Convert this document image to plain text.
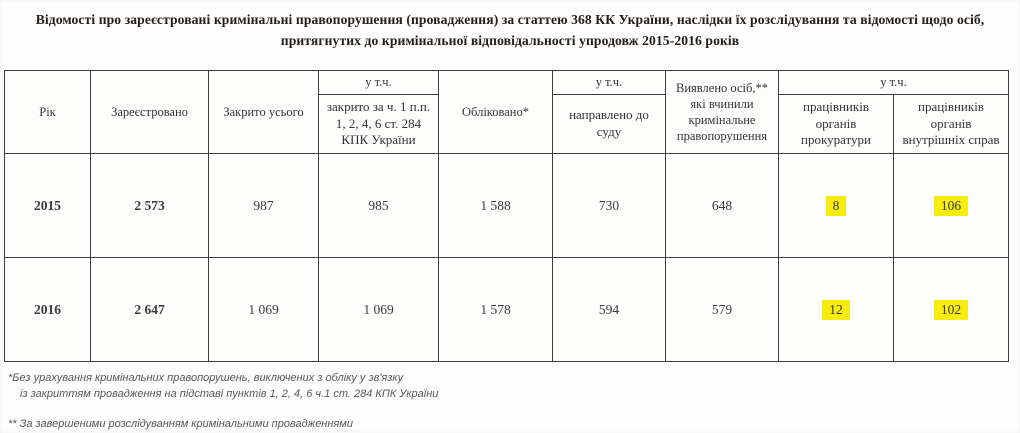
Відомості про зареєстровані кримінальні правопорушення (провадження) за статтею 368 КК України, наслідки їх розслідування та відомості щодо осіб,
притягнутих до кримінальної відповідальності упродовж 2015-2016 років
Рік	Зареєстровано	Закрито усього	у т.ч.	Обліковано*	у т.ч.	Виявлено осіб,** які вчинили кримінальне правопорушення	у т.ч.	
			закрито за ч. 1 п.п. 1, 2, 4, 6 ст. 284 КПК України		направлено до суду		працівників органів прокуратури	працівників органів внутрішніх справ
2015	2 573	987	985	1 588	730	648	8	106
2016	2 647	1 069	1 069	1 578	594	579	12	102
*Без урахування кримінальних правопорушень, виключених з обліку у зв'язку
із закриттям провадження на підставі пунктів 1, 2, 4, 6 ч.1 ст. 284 КПК України
** За завершеними розслідуванням кримінальними провадженнями
